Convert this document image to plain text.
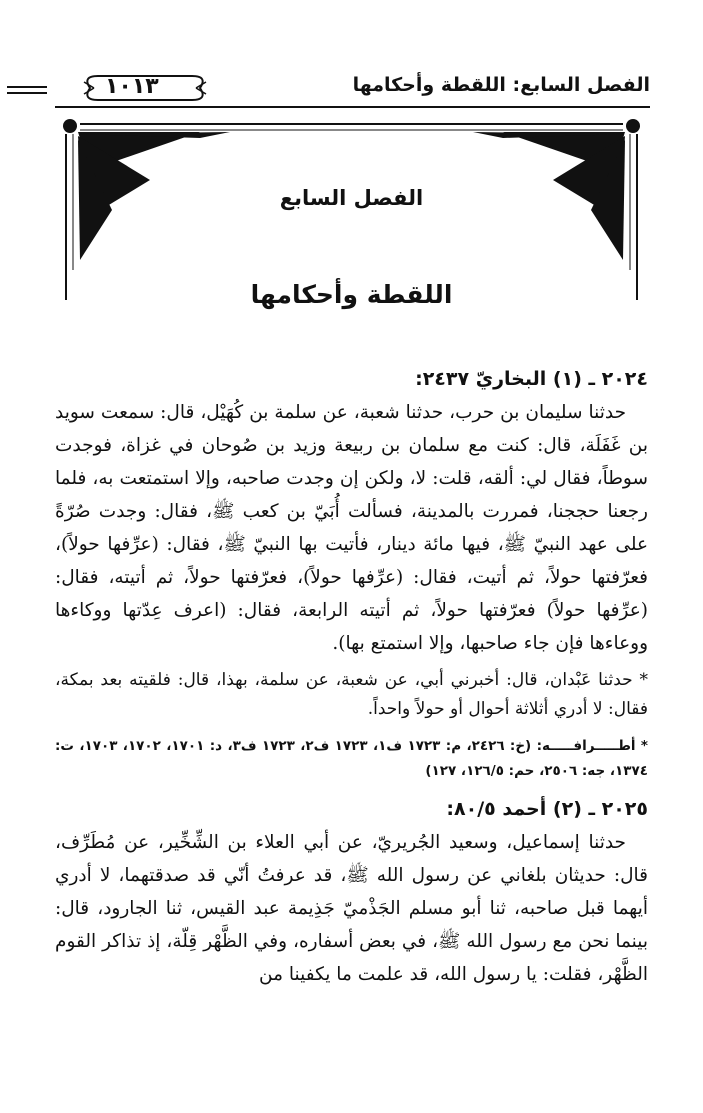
الفصل السابع: اللقطة وأحكامها
١٠١٣
الفصل السابع
اللقطة وأحكامها
٢٠٢٤ ـ (١) البخاريّ ٢٤٣٧:

حدثنا سليمان بن حرب، حدثنا شعبة، عن سلمة بن كُهَيْل، قال: سمعت سويد بن غَفَلَة، قال: كنت مع سلمان بن ربيعة وزيد بن صُوحان في غزاة، فوجدت سوطاً، فقال لي: ألقه، قلت: لا، ولكن إن وجدت صاحبه، وإلا استمتعت به، فلما رجعنا حججنا، فمررت بالمدينة، فسألت أُبَيّ بن كعب ﷺ، فقال: وجدت صُرّةً على عهد النبيّ ﷺ، فيها مائة دينار، فأتيت بها النبيّ ﷺ، فقال: (عرِّفها حولاً)، فعرّفتها حولاً، ثم أتيت، فقال: (عرِّفها حولاً)، فعرّفتها حولاً، ثم أتيته، فقال: (عرِّفها حولاً) فعرّفتها حولاً، ثم أتيته الرابعة، فقال: (اعرف عِدّتها ووكاءها ووعاءها فإن جاء صاحبها، وإلا استمتع بها).

* حدثنا عَبْدان، قال: أخبرني أبي، عن شعبة، عن سلمة، بهذا، قال: فلقيته بعد بمكة، فقال: لا أدري أثلاثة أحوال أو حولاً واحداً.

* أطـــــرافـــــه: (خ: ٢٤٢٦، م: ١٧٢٣ ف١، ١٧٢٣ ف٢، ١٧٢٣ ف٣، د: ١٧٠١، ١٧٠٢، ١٧٠٣، ت: ١٣٧٤، جه: ٢٥٠٦، حم: ١٢٦/٥، ١٢٧)

٢٠٢٥ ـ (٢) أحمد ٨٠/٥:

حدثنا إسماعيل، وسعيد الجُريريّ، عن أبي العلاء بن الشِّخِّير، عن مُطَرِّف، قال: حديثان بلغاني عن رسول الله ﷺ، قد عرفتُ أنّي قد صدقتهما، لا أدري أيهما قبل صاحبه، ثنا أبو مسلم الجَذْميّ جَذِيمة عبد القيس، ثنا الجارود، قال: بينما نحن مع رسول الله ﷺ، في بعض أسفاره، وفي الظَّهْر قِلّة، إذ تذاكر القوم الظَّهْر، فقلت: يا رسول الله، قد علمت ما يكفينا من
